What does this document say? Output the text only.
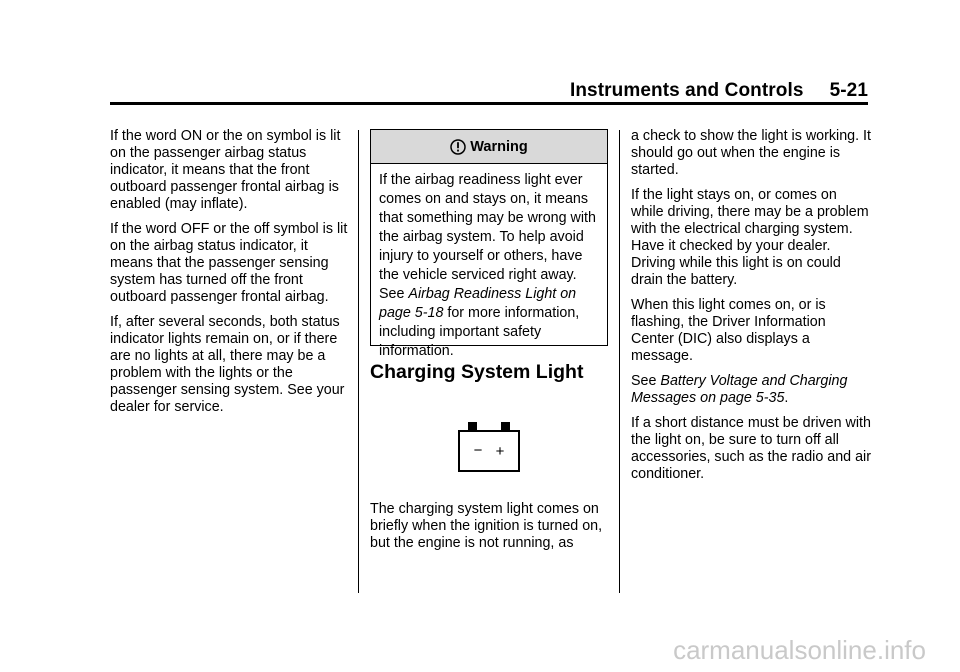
Instruments and Controls 5-21

If the word ON or the on symbol is lit on the passenger airbag status indicator, it means that the front outboard passenger frontal airbag is enabled (may inflate).

If the word OFF or the off symbol is lit on the airbag status indicator, it means that the passenger sensing system has turned off the front outboard passenger frontal airbag.

If, after several seconds, both status indicator lights remain on, or if there are no lights at all, there may be a problem with the lights or the passenger sensing system. See your dealer for service.

Warning
If the airbag readiness light ever comes on and stays on, it means that something may be wrong with the airbag system. To help avoid injury to yourself or others, have the vehicle serviced right away. See Airbag Readiness Light on page 5-18 for more information, including important safety information.
Charging System Light
− +

The charging system light comes on briefly when the ignition is turned on, but the engine is not running, as

a check to show the light is working. It should go out when the engine is started.

If the light stays on, or comes on while driving, there may be a problem with the electrical charging system. Have it checked by your dealer. Driving while this light is on could drain the battery.

When this light comes on, or is flashing, the Driver Information Center (DIC) also displays a message.

See Battery Voltage and Charging Messages on page 5-35.

If a short distance must be driven with the light on, be sure to turn off all accessories, such as the radio and air conditioner.

carmanualsonline.info
